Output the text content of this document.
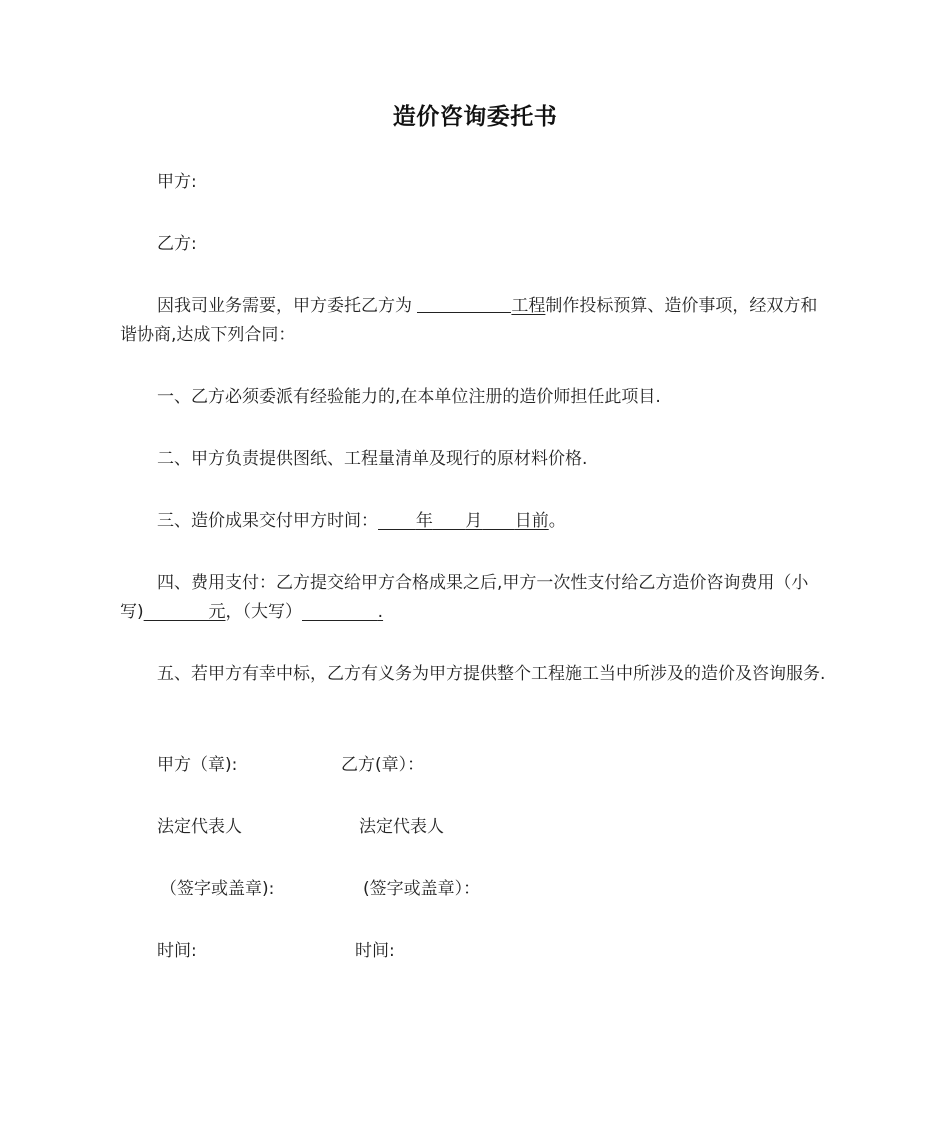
造价咨询委托书
甲方:
乙方:
因我司业务需要，甲方委托乙方为	工程制作投标预算、造价事项，经双方和谐协商,达成下列合同：
一、乙方必须委派有经验能力的,在本单位注册的造价师担任此项目.
二、甲方负责提供图纸、工程量清单及现行的原材料价格.
三、造价成果交付甲方时间： 年 月 日前。
四、费用支付：乙方提交给甲方合格成果之后,甲方一次性支付给乙方造价咨询费用（小写)	元，（大写）	.
五、若甲方有幸中标，乙方有义务为甲方提供整个工程施工当中所涉及的造价及咨询服务.
甲方（章):	乙方(章）：
法定代表人	法定代表人
（签字或盖章):	(签字或盖章）：
时间:	时间:
